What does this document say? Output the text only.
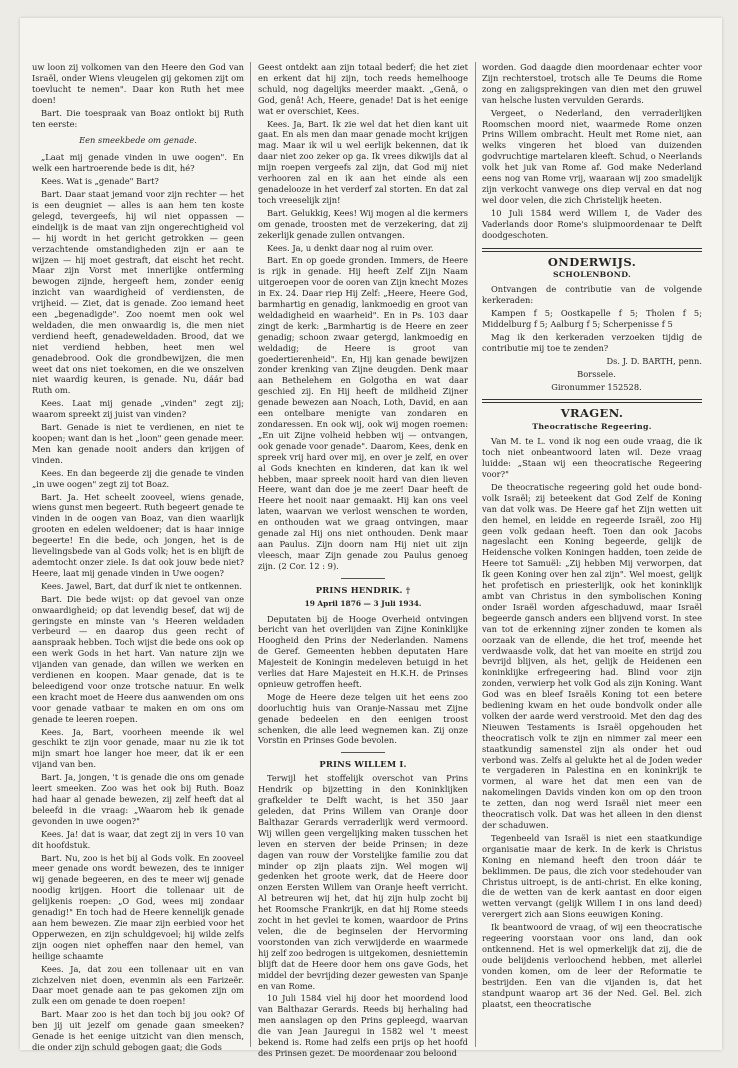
uw loon zij volkomen van den Heere den God van Israël, onder Wiens vleugelen gij gekomen zijt om toevlucht te nemen". Daar kon Ruth het mee doen!

Bart. Die toespraak van Boaz ontlokt bij Ruth ten eerste:

Een smeekbede om genade.

„Laat mij genade vinden in uwe oogen". En welk een hartroerende bede is dit, hé?

Kees. Wat is „genade" Bart?

Bart. Daar staat jemand voor zijn rechter — het is een deugniet — alles is aan hem ten koste gelegd, tevergeefs, hij wil niet oppassen — eindelijk is de maat van zijn ongerechtigheid vol — hij wordt in het gericht getrokken — geen verzachtende omstandigheden zijn er aan te wijzen — hij moet gestraft, dat eischt het recht. Maar zijn Vorst met innerlijke ontferming bewogen zijnde, hergeeft hem, zonder eenig inzicht van waardigheid of verdiensten, de vrijheid. — Ziet, dat is genade. Zoo iemand heet een „begenadigde". Zoo noemt men ook wel weldaden, die men onwaardig is, die men niet verdiend heeft, genadeweldaden. Brood, dat we niet verdiend hebben, heet men wel genadebrood. Ook die grondbewijzen, die men weet dat ons niet toekomen, en die we onszelven niet waardig keuren, is genade. Nu, dáár bad Ruth om.

Kees. Laat mij genade „vinden" zegt zij; waarom spreekt zij juist van vinden?

Bart. Genade is niet te verdienen, en niet te koopen; want dan is het „loon" geen genade meer. Men kan genade nooit anders dan krijgen of vinden.

Kees. En dan begeerde zij die genade te vinden „in uwe oogen" zegt zij tot Boaz.

Bart. Ja. Het scheelt zooveel, wiens genade, wiens gunst men begeert. Ruth begeert genade te vinden in de oogen van Boaz, van dien waarlijk grooten en edelen weldoener; dat is haar innige begeerte! En die bede, och jongen, het is de lievelingsbede van al Gods volk; het is en blijft de ademtocht onzer ziele. Is dat ook jouw bede niet? Heere, laat mij genade vinden in Uwe oogen?

Kees. Jawel, Bart, dat durf ik niet te ontkennen.

Bart. Die bede wijst: op dat gevoel van onze onwaardigheid; op dat levendig besef, dat wij de geringste en minste van 's Heeren weldaden verbeurd — en daarop dus geen recht of aanspraak hebben. Toch wijst die bede ons ook op een werk Gods in het hart. Van nature zijn we vijanden van genade, dan willen we werken en verdienen en koopen. Maar genade, dat is te beleedigend voor onze trotsche natuur. En welk een kracht moet de Heere dus aanwenden om ons voor genade vatbaar te maken en om ons om genade te leeren roepen.

Kees. Ja, Bart, voorheen meende ik wel geschikt te zijn voor genade, maar nu zie ik tot mijn smart hoe langer hoe meer, dat ik er een vijand van ben.

Bart. Ja, jongen, 't is genade die ons om genade leert smeeken. Zoo was het ook bij Ruth. Boaz had haar al genade bewezen, zij zelf heeft dat al beleefd in die vraag: „Waarom heb ik genade gevonden in uwe oogen?"

Kees. Ja! dat is waar, dat zegt zij in vers 10 van dit hoofdstuk.

Bart. Nu, zoo is het bij al Gods volk. En zooveel meer genade ons wordt bewezen, des te inniger wij genade begeeren, en des te meer wij genade noodig krijgen. Hoort die tollenaar uit de gelijkenis roepen: „O God, wees mij zondaar genadig!" En toch had de Heere kennelijk genade aan hem bewezen. Zie maar zijn eerbied voor het Opperwezen, en zijn schuldgevoel; hij wilde zelfs zijn oogen niet opheffen naar den hemel, van heilige schaamte

Kees. Ja, dat zou een tollenaar uit en van zichzelven niet doen, evenmin als een Farizeër. Daar moet genade aan te pas gekomen zijn om zulk een om genade te doen roepen!

Bart. Maar zoo is het dan toch bij jou ook? Of ben jij uit jezelf om genade gaan smeeken? Genade is het eenige uitzicht van dien mensch, die onder zijn schuld gebogen gaat; die Gods

Geest ontdekt aan zijn totaal bederf; die het ziet en erkent dat hij zijn, toch reeds hemelhooge schuld, nog dagelijks meerder maakt. „Genâ, o God, genâ! Ach, Heere, genade! Dat is het eenige wat er overschiet, Kees.

Kees. Ja, Bart. Ik zie wel dat het dien kant uit gaat. En als men dan maar genade mocht krijgen mag. Maar ik wil u wel eerlijk bekennen, dat ik daar niet zoo zeker op ga. Ik vrees dikwijls dat al mijn roepen vergeefs zal zijn, dat God mij niet verhooren zal en ik aan het einde als een genadelooze in het verderf zal storten. En dat zal toch vreeselijk zijn!

Bart. Gelukkig, Kees! Wij mogen al die kermers om genade, troosten met de verzekering, dat zij zekerlijk genade zullen ontvangen.

Kees. Ja, u denkt daar nog al ruim over.

Bart. En op goede gronden. Immers, de Heere is rijk in genade. Hij heeft Zelf Zijn Naam uitgeroepen voor de ooren van Zijn knecht Mozes in Ex. 24. Daar riep Hij Zelf: „Heere, Heere God, barmhartig en genadig, lankmoedig en groot van weldadigheid en waarheid". En in Ps. 103 daar zingt de kerk: „Barmhartig is de Heere en zeer genadig; schoon zwaar getergd, lankmoedig en weldadig; de Heere is groot van goedertierenheid". En, Hij kan genade bewijzen zonder krenking van Zijne deugden. Denk maar aan Bethelehem en Golgotha en wat daar geschied zij. En Hij heeft de mildheid Zijner genade bewezen aan Noach, Loth, David, en aan een ontelbare menigte van zondaren en zondaressen. En ook wij, ook wij mogen roemen: „En uit Zijne volheid hebben wij — ontvangen, ook genade voor genade". Daarom, Kees, denk en spreek vrij hard over mij, en over je zelf, en over al Gods knechten en kinderen, dat kan ik wel hebben, maar spreek nooit hard van dien lieven Heere, want dan doe je me zeer! Daar heeft de Heere het nooit naar gemaakt. Hij kan ons veel laten, waarvan we verlost wenschen te worden, en onthouden wat we graag ontvingen, maar genade zal Hij ons niet onthouden. Denk maar aan Paulus. Zijn doorn nam Hij niet uit zijn vleesch, maar Zijn genade zou Paulus genoeg zijn. (2 Cor. 12 : 9).

PRINS HENDRIK. †
19 April 1876 — 3 Juli 1934.

Deputaten bij de Hooge Overheid ontvingen bericht van het overlijden van Zijne Koninklijke Hoogheid den Prins der Nederlanden. Namens de Geref. Gemeenten hebben deputaten Hare Majesteit de Koningin medeleven betuigd in het verlies dat Hare Majesteit en H.K.H. de Prinses opnieuw getroffen heeft.

Moge de Heere deze telgen uit het eens zoo doorluchtig huis van Oranje-Nassau met Zijne genade bedeelen en den eenigen troost schenken, die alle leed wegnemen kan. Zij onze Vorstin en Prinses Gode bevolen.

PRINS WILLEM I.

Terwijl het stoffelijk overschot van Prins Hendrik op bijzetting in den Koninklijken grafkelder te Delft wacht, is het 350 jaar geleden, dat Prins Willem van Oranje door Balthazar Gerards verraderlijk werd vermoord. Wij willen geen vergelijking maken tusschen het leven en sterven der beide Prinsen; in deze dagen van rouw der Vorstelijke familie zou dat minder op zijn plaats zijn. Wel mogen wij gedenken het groote werk, dat de Heere door onzen Eersten Willem van Oranje heeft verricht. Al betreuren wij het, dat hij zijn hulp zocht bij het Roomsche Frankrijk, en dat hij Rome steeds zocht in het gevlei te komen, waardoor de Prins velen, die de beginselen der Hervorming voorstonden van zich verwijderde en waarmede hij zelf zoo bedrogen is uitgekomen, desniettemin blijft dat de Heere door hem ons gave Gods, het middel der bevrijding dezer gewesten van Spanje en van Rome.

10 Juli 1584 viel hij door het moordend lood van Balthazar Gerards. Reeds bij herhaling had men aanslagen op den Prins gepleegd, waarvan die van Jean Jauregui in 1582 wel 't meest bekend is. Rome had zelfs een prijs op het hoofd des Prinsen gezet. De moordenaar zou beloond

worden. God daagde dien moordenaar echter voor Zijn rechterstoel, trotsch alle Te Deums die Rome zong en zaligsprekingen van dien met den gruwel van helsche lusten vervulden Gerards.

Vergeet, o Nederland, den verraderlijken Roomschen moord niet, waarmede Rome onzen Prins Willem ombracht. Heult met Rome niet, aan welks vingeren het bloed van duizenden godvruchtige martelaren kleeft. Schud, o Neerlands volk het juk van Rome af. God make Nederland eens nog van Rome vrij, waaraan wij zoo smadelijk zijn verkocht vanwege ons diep verval en dat nog wel door velen, die zich Christelijk heeten.

10 Juli 1584 werd Willem I, de Vader des Vaderlands door Rome's sluipmoordenaar te Delft doodgeschoten.

ONDERWIJS.
SCHOLENBOND.

Ontvangen de contributie van de volgende kerkeraden:

Kampen f 5; Oostkapelle f 5; Tholen f 5; Middelburg f 5; Aalburg f 5; Scherpenisse f 5

Mag ik den kerkeraden verzoeken tijdig de contributie mij toe te zenden?

Ds. J. D. BARTH, penn.

Borssele.

Gironummer 152528.

VRAGEN.
Theocratische Regeering.

Van M. te L. vond ik nog een oude vraag, die ik toch niet onbeantwoord laten wil. Deze vraag luidde: „Staan wij een theocratische Regeering voor?"

De theocratische regeering gold het oude bond-volk Israël; zij beteekent dat God Zelf de Koning van dat volk was. De Heere gaf het Zijn wetten uit den hemel, en leidde en regeerde Israël, zoo Hij geen volk gedaan heeft. Toen dan ook Jacobs nageslacht een Koning begeerde, gelijk de Heidensche volken Koningen hadden, toen zeide de Heere tot Samuël: „Zij hebben Mij verworpen, dat Ik geen Koning over hen zal zijn". Wel moest, gelijk het profetisch en priesterlijk, ook het koninklijk ambt van Christus in den symbolischen Koning onder Israël worden afgeschaduwd, maar Israël begeerde gansch anders een blijvend vorst. In stee van tot de erkenning zijner zonden te komen als oorzaak van de ellende, die het trof, meende het verdwaasde volk, dat het van moeite en strijd zou bevrijd blijven, als het, gelijk de Heidenen een koninklijke erfregeering had. Blind voor zijn zonden, verwierp het volk God als zijn Koning. Want God was en bleef Israëls Koning tot een betere bediening kwam en het oude bondvolk onder alle volken der aarde werd verstrooid. Met den dag des Nieuwen Testaments is Israël opgehouden het theocratisch volk te zijn en nimmer zal meer een staatkundig samenstel zijn als onder het oud verbond was. Zelfs al gelukte het al de Joden weder te vergaderen in Palestina en en koninkrijk te vormen, al ware het dat men een van de nakomelingen Davids vinden kon om op den troon te zetten, dan nog werd Israël niet meer een theocratisch volk. Dat was het alleen in den dienst der schaduwen.

Tegenbeeld van Israël is niet een staatkundige organisatie maar de kerk. In de kerk is Christus Koning en niemand heeft den troon dáár te beklimmen. De paus, die zich voor stedehouder van Christus uitroept, is de anti-christ. En elke koning, die de wetten van de kerk aantast en door eigen wetten vervangt (gelijk Willem I in ons land deed) verergert zich aan Sions eeuwigen Koning.

Ik beantwoord de vraag, of wij een theocratische regeering voorstaan voor ons land, dan ook ontkennend. Het is wel opmerkelijk dat zij, die de oude belijdenis verloochend hebben, met allerlei vonden komen, om de leer der Reformatie te bestrijden. Een van die vijanden is, dat het standpunt waarop art 36 der Ned. Gel. Bel. zich plaatst, een theocratische
